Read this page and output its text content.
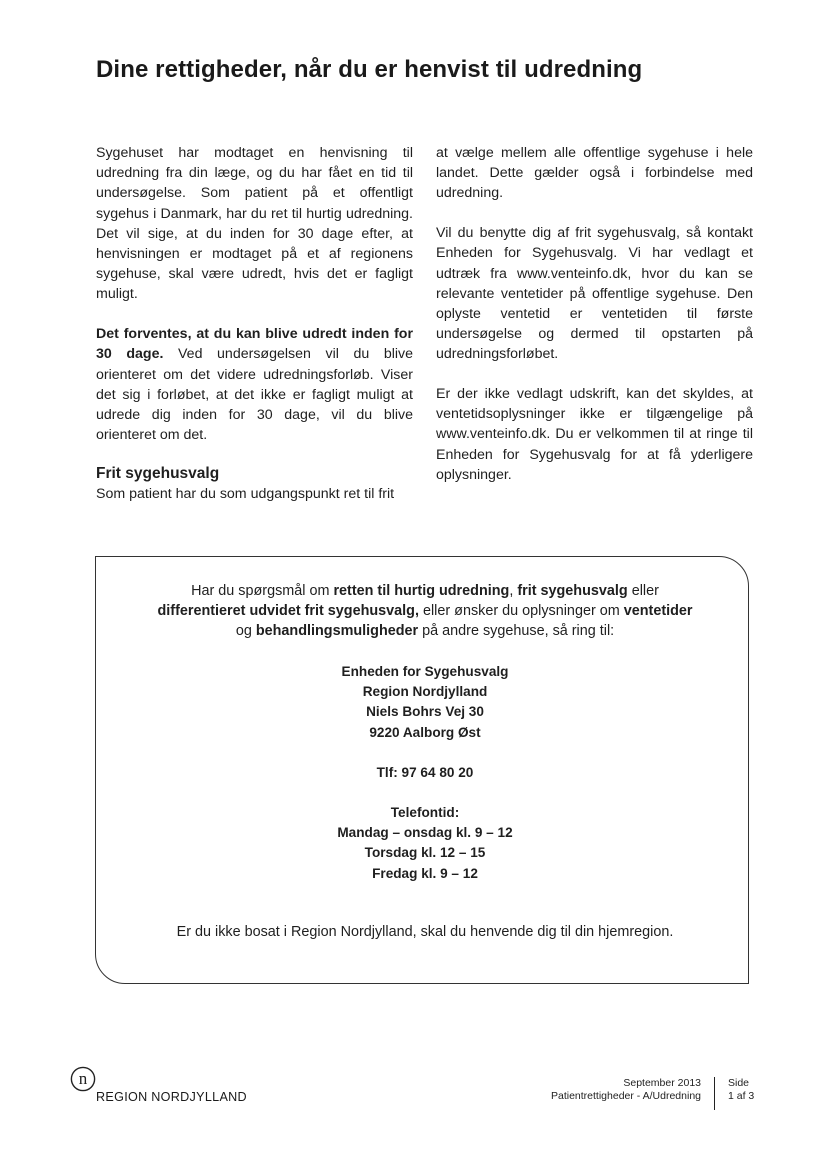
Dine rettigheder, når du er henvist til udredning

Sygehuset har modtaget en henvisning til udredning fra din læge, og du har fået en tid til undersøgelse. Som patient på et offentligt sygehus i Danmark, har du ret til hurtig udredning. Det vil sige, at du inden for 30 dage efter, at henvisningen er modtaget på et af regionens sygehuse, skal være udredt, hvis det er fagligt muligt.

Det forventes, at du kan blive udredt inden for 30 dage. Ved undersøgelsen vil du blive orienteret om det videre udredningsforløb. Viser det sig i forløbet, at det ikke er fagligt muligt at udrede dig inden for 30 dage, vil du blive orienteret om det.

Frit sygehusvalg

Som patient har du som udgangspunkt ret til frit

at vælge mellem alle offentlige sygehuse i hele landet. Dette gælder også i forbindelse med udredning.

Vil du benytte dig af frit sygehusvalg, så kontakt Enheden for Sygehusvalg. Vi har vedlagt et udtræk fra www.venteinfo.dk, hvor du kan se relevante ventetider på offentlige sygehuse. Den oplyste ventetid er ventetiden til første undersøgelse og dermed til opstarten på udredningsforløbet.

Er der ikke vedlagt udskrift, kan det skyldes, at ventetidsoplysninger ikke er tilgængelige på www.venteinfo.dk. Du er velkommen til at ringe til Enheden for Sygehusvalg for at få yderligere oplysninger.

Har du spørgsmål om retten til hurtig udredning, frit sygehusvalg eller

differentieret udvidet frit sygehusvalg, eller ønsker du oplysninger om ventetider

og behandlingsmuligheder på andre sygehuse, så ring til:

Enheden for Sygehusvalg
Region Nordjylland
Niels Bohrs Vej 30
9220 Aalborg Øst
Tlf: 97 64 80 20
Telefontid:
Mandag – onsdag kl. 9 – 12
Torsdag kl. 12 – 15
Fredag kl. 9 – 12
Er du ikke bosat i Region Nordjylland, skal du henvende dig til din hjemregion.
n
REGION NORDJYLLAND
September 2013
Patientrettigheder - A/Udredning
Side
1 af 3
